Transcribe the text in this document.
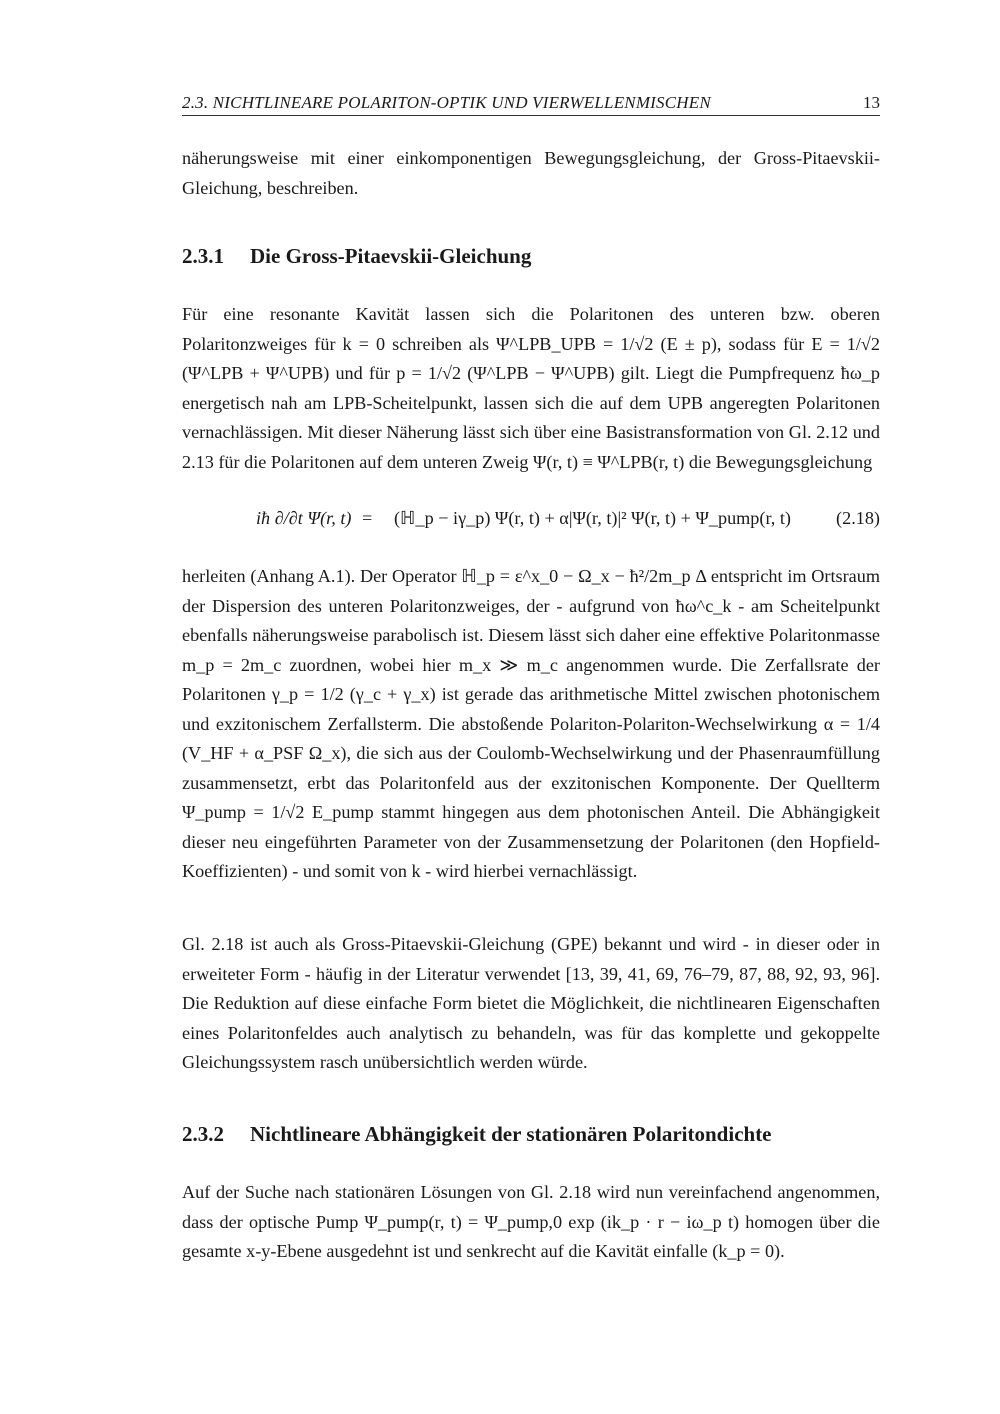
2.3. NICHTLINEARE POLARITON-OPTIK UND VIERWELLENMISCHEN	13

näherungsweise mit einer einkomponentigen Bewegungsgleichung, der Gross-Pitaevskii-Gleichung, beschreiben.

2.3.1 Die Gross-Pitaevskii-Gleichung

Für eine resonante Kavität lassen sich die Polaritonen des unteren bzw. oberen Polaritonzweiges für k = 0 schreiben als Ψ^LPB_UPB = 1/√2 (E ± p), sodass für E = 1/√2 (Ψ^LPB + Ψ^UPB) und für p = 1/√2 (Ψ^LPB − Ψ^UPB) gilt. Liegt die Pumpfrequenz ħω_p energetisch nah am LPB-Scheitelpunkt, lassen sich die auf dem UPB angeregten Polaritonen vernachlässigen. Mit dieser Näherung lässt sich über eine Basistransformation von Gl. 2.12 und 2.13 für die Polaritonen auf dem unteren Zweig Ψ(r, t) ≡ Ψ^LPB(r, t) die Bewegungsgleichung

iħ ∂/∂t Ψ(r, t) = (ℍ_p − iγ_p) Ψ(r, t) + α|Ψ(r, t)|² Ψ(r, t) + Ψ_pump(r, t) (2.18)

herleiten (Anhang A.1). Der Operator ℍ_p = ε^x_0 − Ω_x − ħ²/2m_p Δ entspricht im Ortsraum der Dispersion des unteren Polaritonzweiges, der - aufgrund von ħω^c_k - am Scheitelpunkt ebenfalls näherungsweise parabolisch ist. Diesem lässt sich daher eine effektive Polaritonmasse m_p = 2m_c zuordnen, wobei hier m_x ≫ m_c angenommen wurde. Die Zerfallsrate der Polaritonen γ_p = 1/2 (γ_c + γ_x) ist gerade das arithmetische Mittel zwischen photonischem und exzitonischem Zerfallsterm. Die abstoßende Polariton-Polariton-Wechselwirkung α = 1/4 (V_HF + α_PSF Ω_x), die sich aus der Coulomb-Wechselwirkung und der Phasenraumfüllung zusammensetzt, erbt das Polaritonfeld aus der exzitonischen Komponente. Der Quellterm Ψ_pump = 1/√2 E_pump stammt hingegen aus dem photonischen Anteil. Die Abhängigkeit dieser neu eingeführten Parameter von der Zusammensetzung der Polaritonen (den Hopfield-Koeffizienten) - und somit von k - wird hierbei vernachlässigt.

Gl. 2.18 ist auch als Gross-Pitaevskii-Gleichung (GPE) bekannt und wird - in dieser oder in erweiteter Form - häufig in der Literatur verwendet [13, 39, 41, 69, 76–79, 87, 88, 92, 93, 96]. Die Reduktion auf diese einfache Form bietet die Möglichkeit, die nichtlinearen Eigenschaften eines Polaritonfeldes auch analytisch zu behandeln, was für das komplette und gekoppelte Gleichungssystem rasch unübersichtlich werden würde.

2.3.2 Nichtlineare Abhängigkeit der stationären Polaritondichte

Auf der Suche nach stationären Lösungen von Gl. 2.18 wird nun vereinfachend angenommen, dass der optische Pump Ψ_pump(r, t) = Ψ_pump,0 exp (ik_p · r − iω_p t) homogen über die gesamte x-y-Ebene ausgedehnt ist und senkrecht auf die Kavität einfalle (k_p = 0).
